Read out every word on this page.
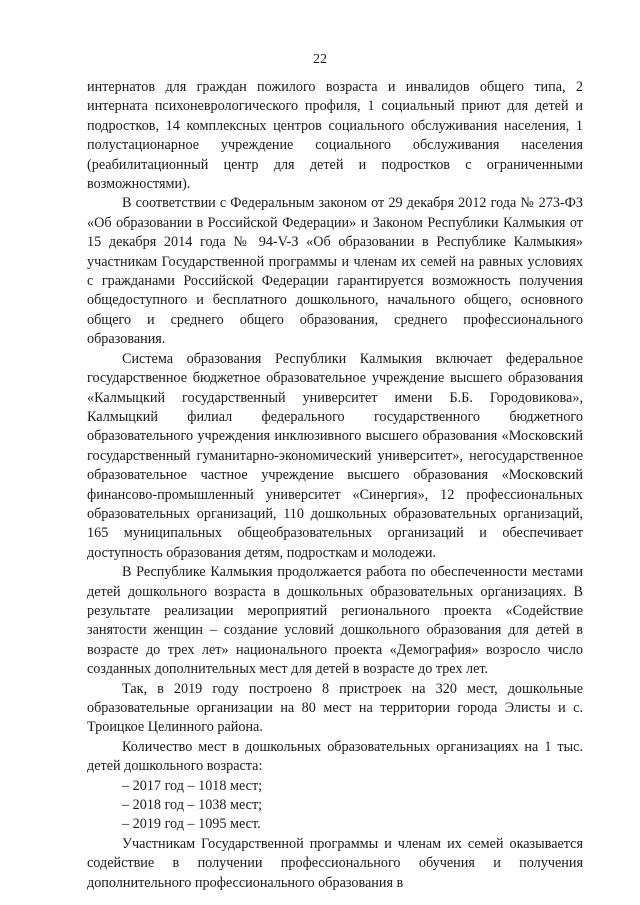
22

интернатов для граждан пожилого возраста и инвалидов общего типа, 2 интерната психоневрологического профиля, 1 социальный приют для детей и подростков, 14 комплексных центров социального обслуживания населения, 1 полустационарное учреждение социального обслуживания населения (реабилитационный центр для детей и подростков с ограниченными возможностями).

В соответствии с Федеральным законом от 29 декабря 2012 года № 273-ФЗ «Об образовании в Российской Федерации» и Законом Республики Калмыкия от 15 декабря 2014 года № 94-V-З «Об образовании в Республике Калмыкия» участникам Государственной программы и членам их семей на равных условиях с гражданами Российской Федерации гарантируется возможность получения общедоступного и бесплатного дошкольного, начального общего, основного общего и среднего общего образования, среднего профессионального образования.

Система образования Республики Калмыкия включает федеральное государственное бюджетное образовательное учреждение высшего образования «Калмыцкий государственный университет имени Б.Б. Городовикова», Калмыцкий филиал федерального государственного бюджетного образовательного учреждения инклюзивного высшего образования «Московский государственный гуманитарно-экономический университет», негосударственное образовательное частное учреждение высшего образования «Московский финансово-промышленный университет «Синергия», 12 профессиональных образовательных организаций, 110 дошкольных образовательных организаций, 165 муниципальных общеобразовательных организаций и обеспечивает доступность образования детям, подросткам и молодежи.

В Республике Калмыкия продолжается работа по обеспеченности местами детей дошкольного возраста в дошкольных образовательных организациях. В результате реализации мероприятий регионального проекта «Содействие занятости женщин – создание условий дошкольного образования для детей в возрасте до трех лет» национального проекта «Демография» возросло число созданных дополнительных мест для детей в возрасте до трех лет.

Так, в 2019 году построено 8 пристроек на 320 мест, дошкольные образовательные организации на 80 мест на территории города Элисты и с. Троицкое Целинного района.

Количество мест в дошкольных образовательных организациях на 1 тыс. детей дошкольного возраста:

– 2017 год – 1018 мест;

– 2018 год – 1038 мест;

– 2019 год – 1095 мест.

Участникам Государственной программы и членам их семей оказывается содействие в получении профессионального обучения и получения дополнительного профессионального образования в
